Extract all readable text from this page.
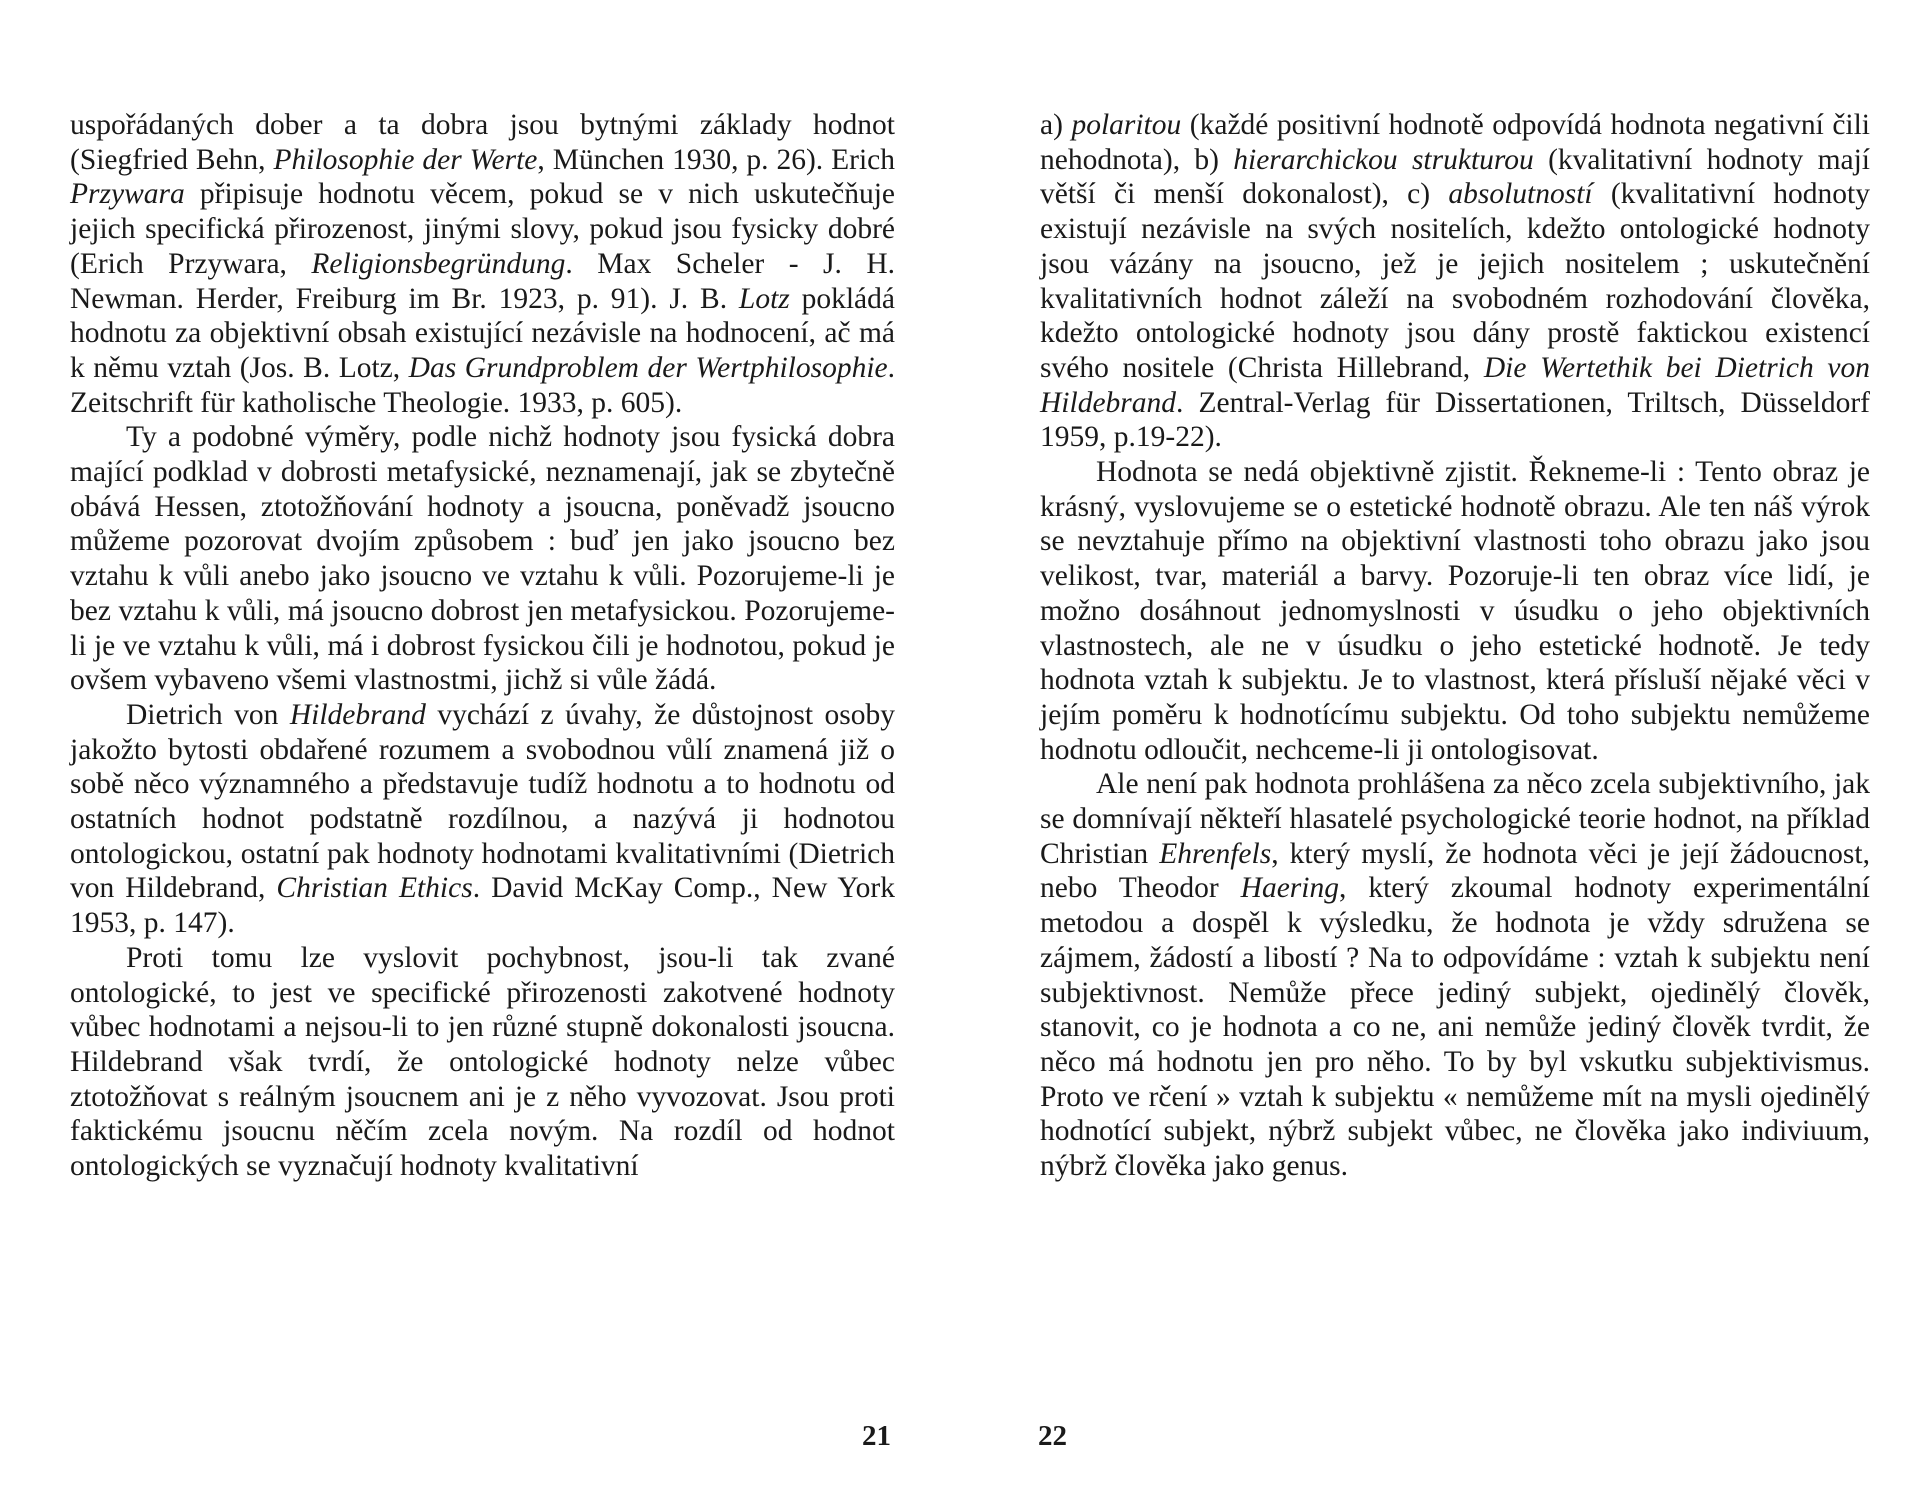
uspořádaných dober a ta dobra jsou bytnými základy hodnot (Siegfried Behn, Philosophie der Werte, München 1930, p. 26). Erich Przywara připisuje hodnotu věcem, pokud se v nich uskutečňuje jejich specifická přirozenost, jinými slovy, pokud jsou fysicky dobré (Erich Przywara, Religionsbegründung. Max Scheler - J. H. Newman. Herder, Freiburg im Br. 1923, p. 91). J. B. Lotz pokládá hodnotu za objektivní obsah existující nezávisle na hodnocení, ač má k němu vztah (Jos. B. Lotz, Das Grundproblem der Wertphilosophie. Zeitschrift für katholische Theologie. 1933, p. 605).

Ty a podobné výměry, podle nichž hodnoty jsou fysická dobra mající podklad v dobrosti metafysické, neznamenají, jak se zbytečně obává Hessen, ztotožňování hodnoty a jsoucna, poněvadž jsoucno můžeme pozorovat dvojím způsobem : buď jen jako jsoucno bez vztahu k vůli anebo jako jsoucno ve vztahu k vůli. Pozorujeme-li je bez vztahu k vůli, má jsoucno dobrost jen metafysickou. Pozorujeme-li je ve vztahu k vůli, má i dobrost fysickou čili je hodnotou, pokud je ovšem vybaveno všemi vlastnostmi, jichž si vůle žádá.

Dietrich von Hildebrand vychází z úvahy, že důstojnost osoby jakožto bytosti obdařené rozumem a svobodnou vůlí znamená již o sobě něco významného a představuje tudíž hodnotu a to hodnotu od ostatních hodnot podstatně rozdílnou, a nazývá ji hodnotou ontologickou, ostatní pak hodnoty hodnotami kvalitativními (Dietrich von Hildebrand, Christian Ethics. David McKay Comp., New York 1953, p. 147).

Proti tomu lze vyslovit pochybnost, jsou-li tak zvané ontologické, to jest ve specifické přirozenosti zakotvené hodnoty vůbec hodnotami a nejsou-li to jen různé stupně dokonalosti jsoucna. Hildebrand však tvrdí, že ontologické hodnoty nelze vůbec ztotožňovat s reálným jsoucnem ani je z něho vyvozovat. Jsou proti faktickému jsoucnu něčím zcela novým. Na rozdíl od hodnot ontologických se vyznačují hodnoty kvalitativní

a) polaritou (každé positivní hodnotě odpovídá hodnota negativní čili nehodnota), b) hierarchickou strukturou (kvalitativní hodnoty mají větší či menší dokonalost), c) absolutností (kvalitativní hodnoty existují nezávisle na svých nositelích, kdežto ontologické hodnoty jsou vázány na jsoucno, jež je jejich nositelem ; uskutečnění kvalitativních hodnot záleží na svobodném rozhodování člověka, kdežto ontologické hodnoty jsou dány prostě faktickou existencí svého nositele (Christa Hillebrand, Die Wertethik bei Dietrich von Hildebrand. Zentral-Verlag für Dissertationen, Triltsch, Düsseldorf 1959, p.19-22).

Hodnota se nedá objektivně zjistit. Řekneme-li : Tento obraz je krásný, vyslovujeme se o estetické hodnotě obrazu. Ale ten náš výrok se nevztahuje přímo na objektivní vlastnosti toho obrazu jako jsou velikost, tvar, materiál a barvy. Pozoruje-li ten obraz více lidí, je možno dosáhnout jednomyslnosti v úsudku o jeho objektivních vlastnostech, ale ne v úsudku o jeho estetické hodnotě. Je tedy hodnota vztah k subjektu. Je to vlastnost, která přísluší nějaké věci v jejím poměru k hodnotícímu subjektu. Od toho subjektu nemůžeme hodnotu odloučit, nechceme-li ji ontologisovat.

Ale není pak hodnota prohlášena za něco zcela subjektivního, jak se domnívají někteří hlasatelé psychologické teorie hodnot, na příklad Christian Ehrenfels, který myslí, že hodnota věci je její žádoucnost, nebo Theodor Haering, který zkoumal hodnoty experimentální metodou a dospěl k výsledku, že hodnota je vždy sdružena se zájmem, žádostí a libostí ? Na to odpovídáme : vztah k subjektu není subjektivnost. Nemůže přece jediný subjekt, ojedinělý člověk, stanovit, co je hodnota a co ne, ani nemůže jediný člověk tvrdit, že něco má hodnotu jen pro něho. To by byl vskutku subjektivismus. Proto ve rčení » vztah k subjektu « nemůžeme mít na mysli ojedinělý hodnotící subjekt, nýbrž subjekt vůbec, ne člověka jako indiviuum, nýbrž člověka jako genus.

21	22
